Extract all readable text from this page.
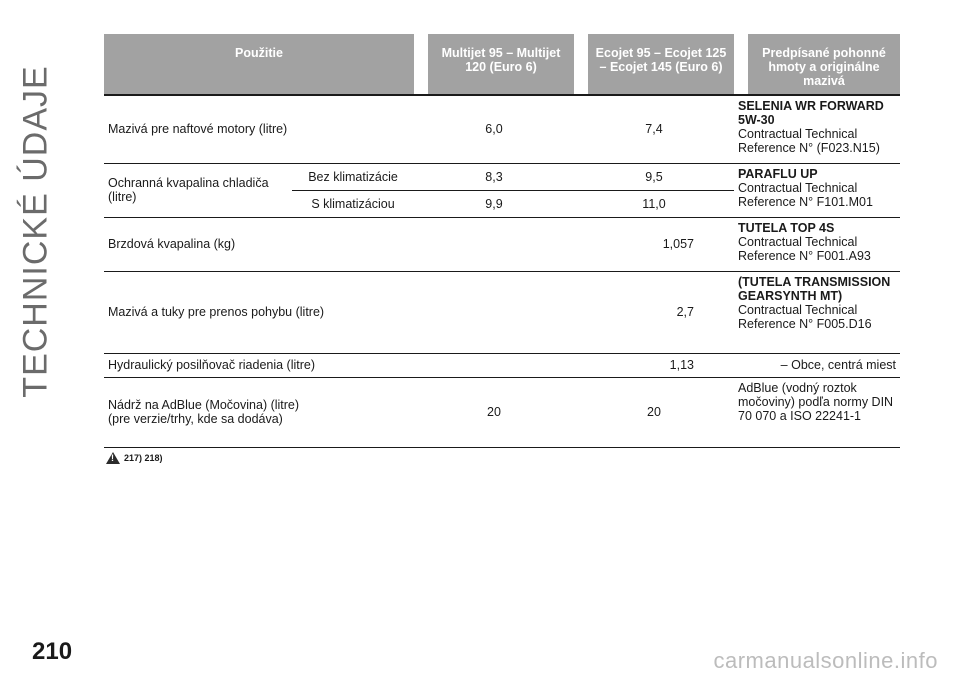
TECHNICKÉ ÚDAJE
Použitie			Multijet 95 – Multijet 120 (Euro 6)		Ecojet 95 – Ecojet 125 – Ecojet 145 (Euro 6)		Predpísané pohonné hmoty a originálne mazivá
Mazivá pre naftové motory (litre)		6,0		7,4		SELENIA WR FORWARD 5W-30
Contractual Technical Reference N° (F023.N15)	
Ochranná kvapalina chladiča (litre)	Bez klimatizácie	8,3		9,5		PARAFLU UP
Contractual Technical Reference N° F101.M01	
	S klimatizáciou	9,9		11,0			
Brzdová kvapalina (kg)		1,057				TUTELA TOP 4S
Contractual Technical Reference N° F001.A93	
Mazivá a tuky pre prenos pohybu (litre)		2,7				(TUTELA TRANSMISSION GEARSYNTH MT)
Contractual Technical Reference N° F005.D16	
Hydraulický posilňovač riadenia (litre)		1,13				– Obce, centrá miest	

Nádrž na AdBlue (Močovina) (litre)
(pre verzie/trhy, kde sa dodáva)		20		20		AdBlue (vodný roztok močoviny) podľa normy DIN 70 070 a ISO 22241-1	
!
217) 218)
210	carmanualsonline.info
